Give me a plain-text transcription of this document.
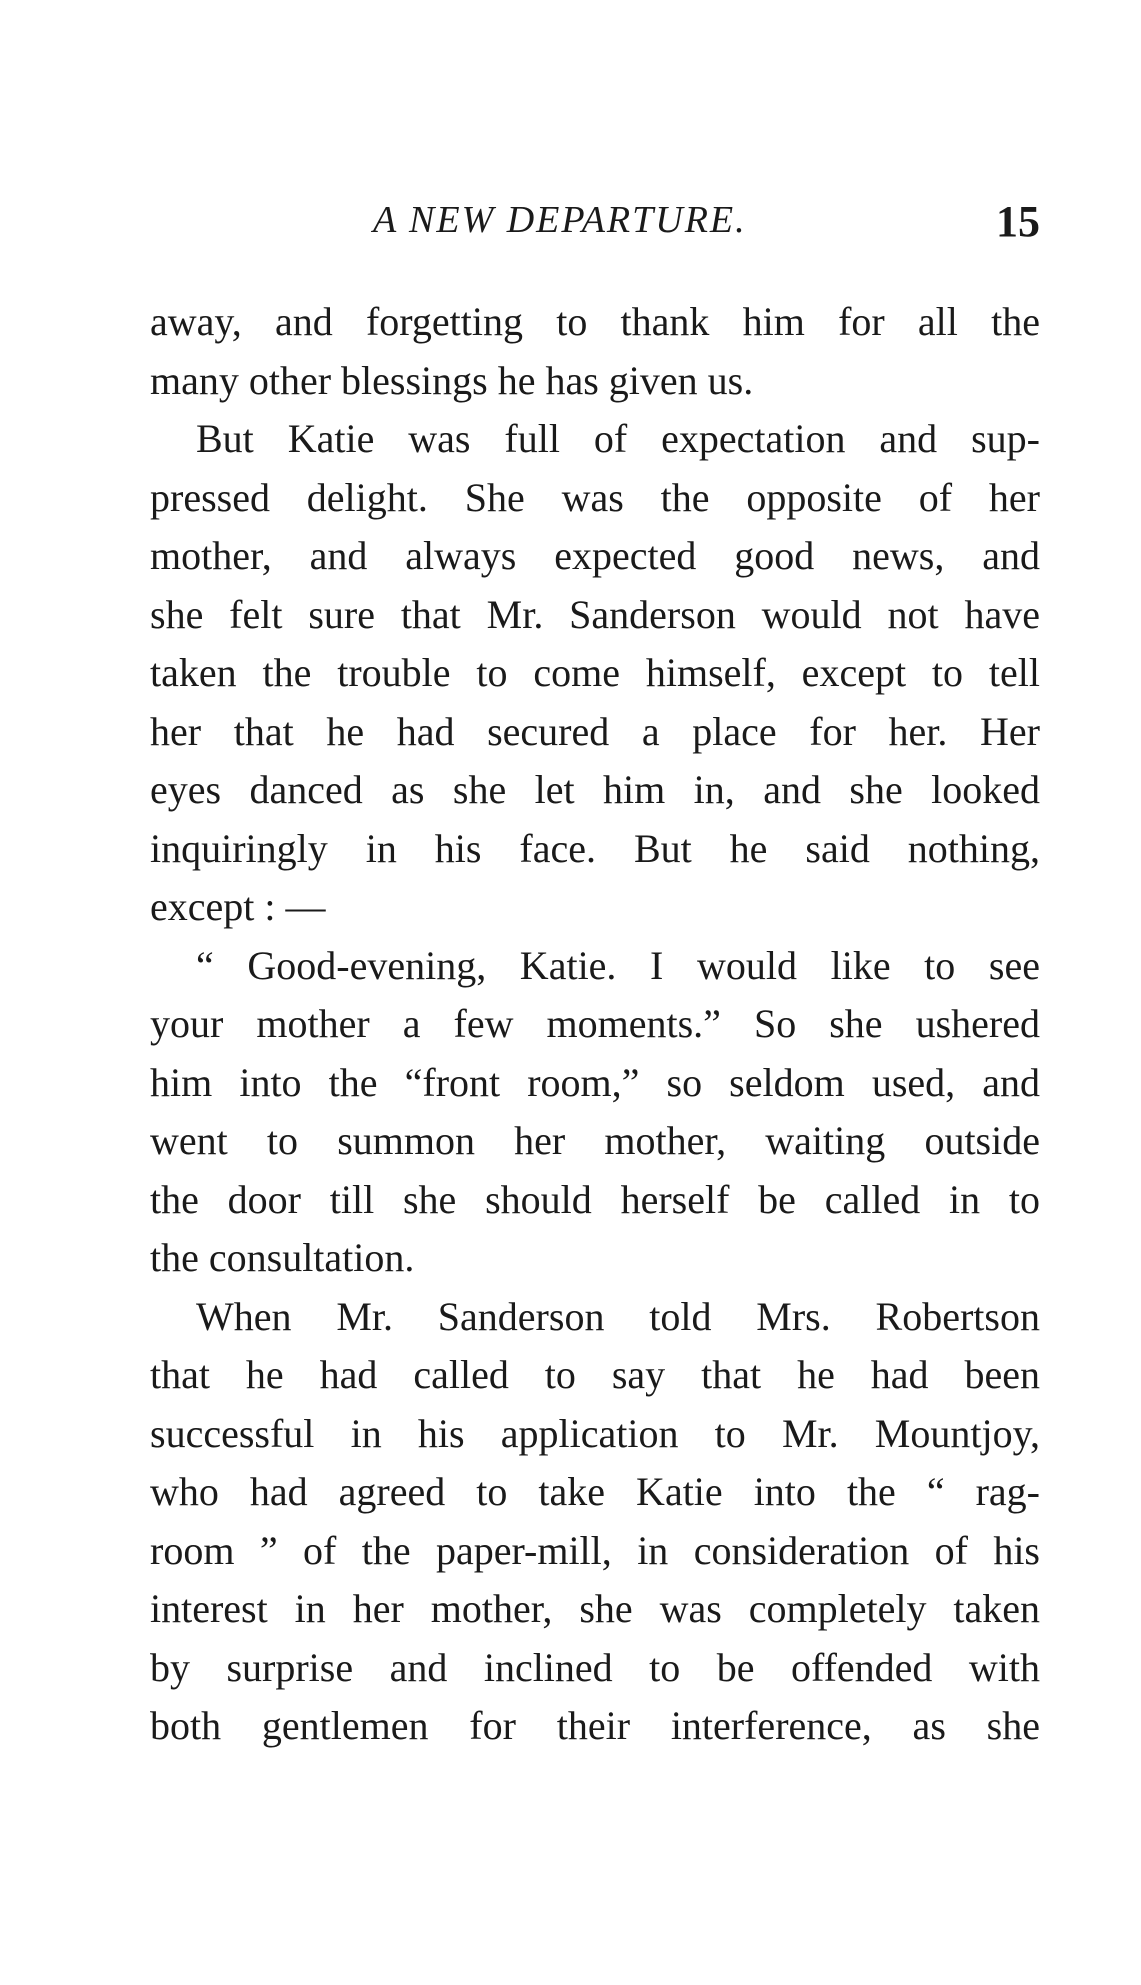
A NEW DEPARTURE.	15
away, and forgetting to thank him for all the
many other blessings he has given us.
But Katie was full of expectation and sup-
pressed delight. She was the opposite of her
mother, and always expected good news, and
she felt sure that Mr. Sanderson would not have
taken the trouble to come himself, except to tell
her that he had secured a place for her. Her
eyes danced as she let him in, and she looked
inquiringly in his face. But he said nothing,
except : —
“ Good-evening, Katie. I would like to see
your mother a few moments.” So she ushered
him into the “front room,” so seldom used, and
went to summon her mother, waiting outside
the door till she should herself be called in to
the consultation.
When Mr. Sanderson told Mrs. Robertson
that he had called to say that he had been
successful in his application to Mr. Mountjoy,
who had agreed to take Katie into the “ rag-
room ” of the paper-mill, in consideration of his
interest in her mother, she was completely taken
by surprise and inclined to be offended with
both gentlemen for their interference, as she
